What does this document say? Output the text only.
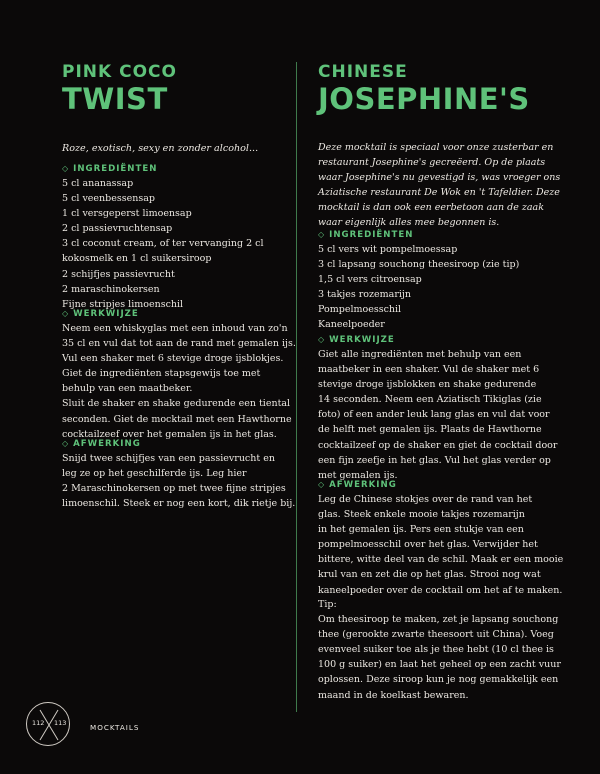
PINK COCO
TWIST
Roze, exotisch, sexy en zonder alcohol...
◇ INGREDIËNTEN
5 cl ananassap
5 cl veenbessensap
1 cl versgeperst limoensap
2 cl passievruchtensap
3 cl coconut cream, of ter vervanging 2 cl
kokosmelk en 1 cl suikersiroop
2 schijfjes passievrucht
2 maraschinokersen
Fijne stripjes limoenschil
◇ WERKWIJZE
Neem een whiskyglas met een inhoud van zo'n
35 cl en vul dat tot aan de rand met gemalen ijs.
Vul een shaker met 6 stevige droge ijsblokjes.
Giet de ingrediënten stapsgewijs toe met
behulp van een maatbeker.
Sluit de shaker en shake gedurende een tiental
seconden. Giet de mocktail met een Hawthorne
cocktailzeef over het gemalen ijs in het glas.
◇ AFWERKING
Snijd twee schijfjes van een passievrucht en
leg ze op het geschilferde ijs. Leg hier
2 Maraschinokersen op met twee fijne stripjes
limoenschil. Steek er nog een kort, dik rietje bij.
CHINESE
JOSEPHINE'S
Deze mocktail is speciaal voor onze zusterbar en
restaurant Josephine's gecreëerd. Op de plaats
waar Josephine's nu gevestigd is, was vroeger ons
Aziatische restaurant De Wok en 't Tafeldier. Deze
mocktail is dan ook een eerbetoon aan de zaak
waar eigenlijk alles mee begonnen is.
◇ INGREDIËNTEN
5 cl vers wit pompelmoessap
3 cl lapsang souchong theesiroop (zie tip)
1,5 cl vers citroensap
3 takjes rozemarijn
Pompelmoesschil
Kaneelpoeder
◇ WERKWIJZE
Giet alle ingrediënten met behulp van een
maatbeker in een shaker. Vul de shaker met 6
stevige droge ijsblokken en shake gedurende
14 seconden. Neem een Aziatisch Tikiglas (zie
foto) of een ander leuk lang glas en vul dat voor
de helft met gemalen ijs. Plaats de Hawthorne
cocktailzeef op de shaker en giet de cocktail door
een fijn zeefje in het glas. Vul het glas verder op
met gemalen ijs.
◇ AFWERKING
Leg de Chinese stokjes over de rand van het
glas. Steek enkele mooie takjes rozemarijn
in het gemalen ijs. Pers een stukje van een
pompelmoesschil over het glas. Verwijder het
bittere, witte deel van de schil. Maak er een mooie
krul van en zet die op het glas. Strooi nog wat
kaneelpoeder over de cocktail om het af te maken.
Tip:
Om theesiroop te maken, zet je lapsang souchong
thee (gerookte zwarte theesoort uit China). Voeg
evenveel suiker toe als je thee hebt (10 cl thee is
100 g suiker) en laat het geheel op een zacht vuur
oplossen. Deze siroop kun je nog gemakkelijk een
maand in de koelkast bewaren.
112 113	MOCKTAILS
